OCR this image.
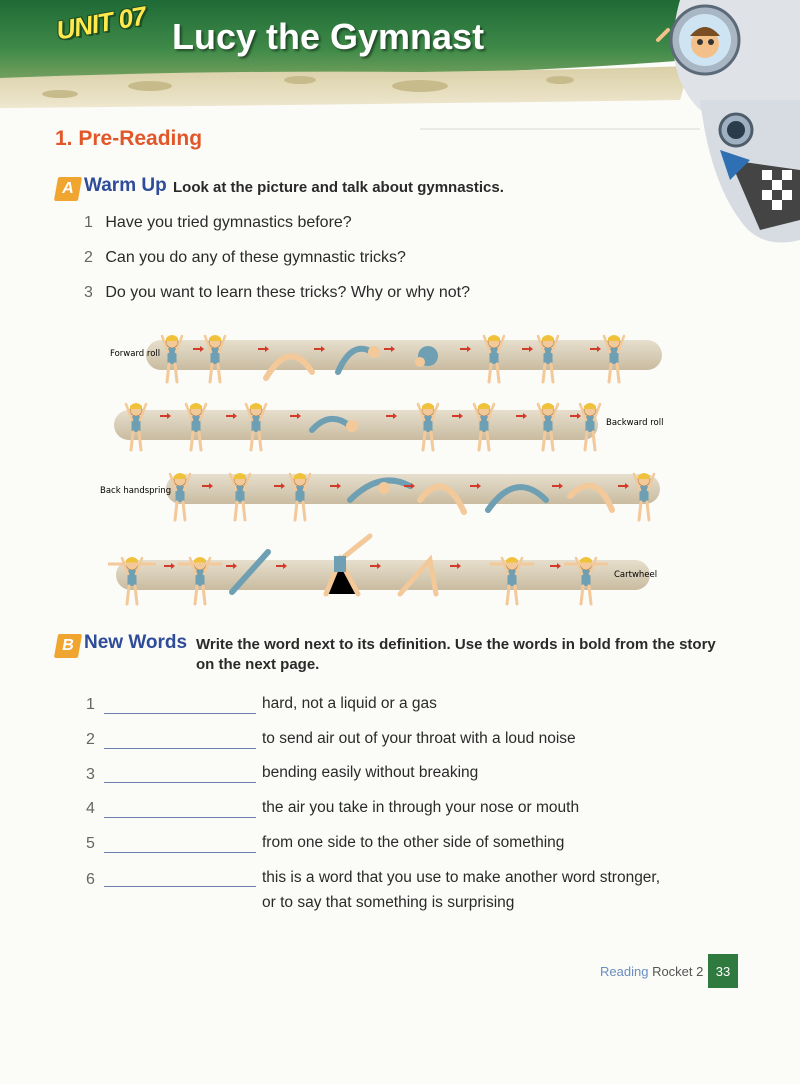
UNIT 07 Lucy the Gymnast
1. Pre-Reading
A Warm Up Look at the picture and talk about gymnastics.
1 Have you tried gymnastics before?
2 Can you do any of these gymnastic tricks?
3 Do you want to learn these tricks? Why or why not?
Forward roll
Backward roll
Back handspring
Cartwheel
B New Words Write the word next to its definition. Use the words in bold from the story
on the next page.
1	hard, not a liquid or a gas
2	to send air out of your throat with a loud noise
3	bending easily without breaking
4	the air you take in through your nose or mouth
5	from one side to the other side of something
6	this is a word that you use to make another word stronger,
or to say that something is surprising
Reading Rocket 2 33
